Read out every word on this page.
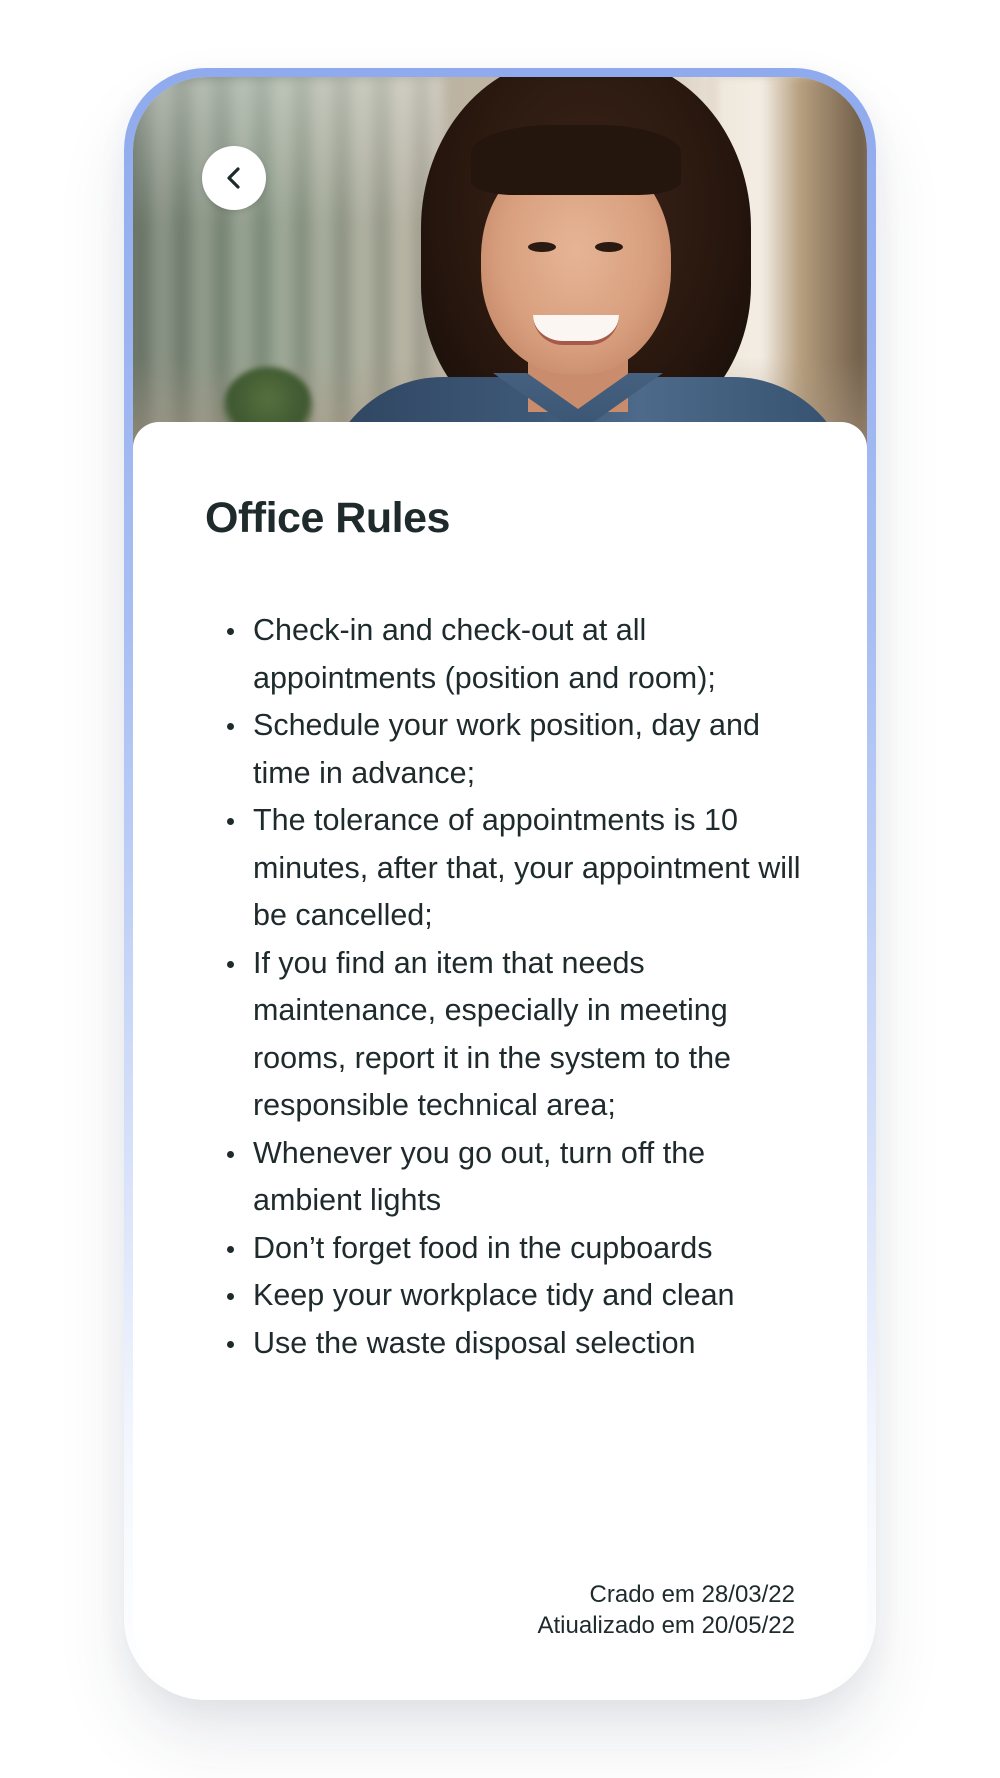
Office Rules
Check-in and check-out at all appointments (position and room);
Schedule your work position, day and time in advance;
The tolerance of appointments is 10 minutes, after that, your appointment will be cancelled;
If you find an item that needs maintenance, especially in meeting rooms, report it in the system to the responsible technical area;
Whenever you go out, turn off the ambient lights
Don’t forget food in the cupboards
Keep your workplace tidy and clean
Use the waste disposal selection
Crado em 28/03/22
Atiualizado em 20/05/22
